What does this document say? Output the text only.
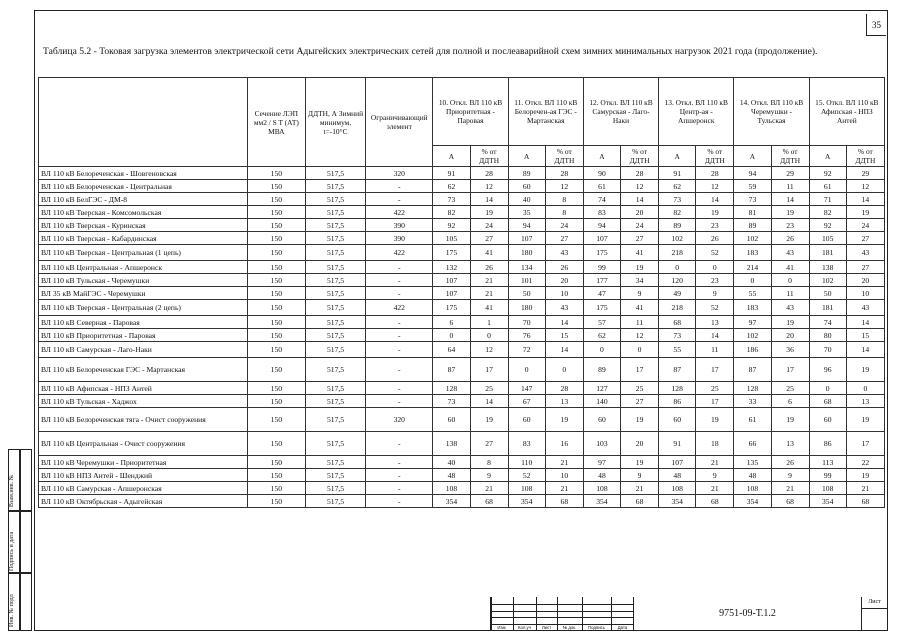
35
Таблица 5.2 - Токовая загрузка элементов электрической сети Адыгейских электрических сетей для полной и послеаварийной схем зимних минимальных нагрузок 2021 года (продолжение).
	Сечение ЛЭП мм2 / S T (АТ) МВА	ДДТН, А Зимний минимум, t=-10°C	Ограничивающий элемент	10. Откл. ВЛ 110 кВ Приоритетная - Паровая		11. Откл. ВЛ 110 кВ Белоречен-ая ГЭС - Мартанская		12. Откл. ВЛ 110 кВ Самурская - Лаго-Наки		13. Откл. ВЛ 110 кВ Центр-ая - Апшеронск		14. Откл. ВЛ 110 кВ Черемушки - Тульская		15. Откл. ВЛ 110 кВ Афипская - НПЗ Антей	
				А	% от ДДТН	А	% от ДДТН	А	% от ДДТН	А	% от ДДТН	А	% от ДДТН	А	% от ДДТН
ВЛ 110 кВ Белореченская - Шовгеновская	150	517,5	320	91	28	89	28	90	28	91	28	94	29	92	29
ВЛ 110 кВ Белореченская - Центральная	150	517,5	-	62	12	60	12	61	12	62	12	59	11	61	12
ВЛ 110 кВ БелГЭС - ДМ-8	150	517,5	-	73	14	40	8	74	14	73	14	73	14	71	14
ВЛ 110 кВ Тверская - Комсомольская	150	517,5	422	82	19	35	8	83	20	82	19	81	19	82	19
ВЛ 110 кВ Тверская - Куринская	150	517,5	390	92	24	94	24	94	24	89	23	89	23	92	24
ВЛ 110 кВ Тверская - Кабардинская	150	517,5	390	105	27	107	27	107	27	102	26	102	26	105	27
ВЛ 110 кВ Тверская - Центральная (1 цепь)	150	517,5	422	175	41	180	43	175	41	218	52	183	43	181	43
ВЛ 110 кВ Центральная - Апшеронск	150	517,5	-	132	26	134	26	99	19	0	0	214	41	138	27
ВЛ 110 кВ Тульская - Черемушки	150	517,5	-	107	21	101	20	177	34	120	23	0	0	102	20
ВЛ 35 кВ МайГЭС - Черемушки	150	517,5	-	107	21	50	10	47	9	49	9	55	11	50	10
ВЛ 110 кВ Тверская - Центральная (2 цепь)	150	517,5	422	175	41	180	43	175	41	218	52	183	43	181	43
ВЛ 110 кВ Северная - Паровая	150	517,5	-	6	1	70	14	57	11	68	13	97	19	74	14
ВЛ 110 кВ Приоритетная - Паровая	150	517,5	-	0	0	76	15	62	12	73	14	102	20	80	15
ВЛ 110 кВ Самурская - Лаго-Наки	150	517,5	-	64	12	72	14	0	0	55	11	186	36	70	14
ВЛ 110 кВ Белореченская ГЭС - Мартанская	150	517,5	-	87	17	0	0	89	17	87	17	87	17	96	19
ВЛ 110 кВ Афипская - НПЗ Антей	150	517,5	-	128	25	147	28	127	25	128	25	128	25	0	0
ВЛ 110 кВ Тульская - Хаджох	150	517,5	-	73	14	67	13	140	27	86	17	33	6	68	13
ВЛ 110 кВ Белореченская тяга - Очист сооружения	150	517,5	320	60	19	60	19	60	19	60	19	61	19	60	19
ВЛ 110 кВ Центральная - Очист сооружения	150	517,5	-	138	27	83	16	103	20	91	18	66	13	86	17
ВЛ 110 кВ Черемушки - Приоритетная	150	517,5	-	40	8	110	21	97	19	107	21	135	26	113	22
ВЛ 110 кВ НПЗ Антей - Шенджий	150	517,5	-	48	9	52	10	48	9	48	9	48	9	99	19
ВЛ 110 кВ Самурская - Апшеронская	150	517,5	-	108	21	108	21	108	21	108	21	108	21	108	21
ВЛ 110 кВ Октябрьская - Адыгейская	150	517,5	-	354	68	354	68	354	68	354	68	354	68	354	68
Взам.инв. №
Подпись и дата
Инв. № подл
Изм.	Кол.уч	Лист	№ док.	Подпись	Дата
9751-09-Т.1.2
Лист
